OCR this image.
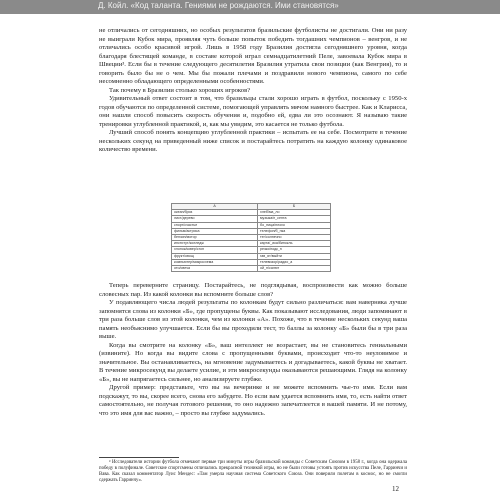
Д. Койл. «Код таланта. Гениями не рождаются. Ими становятся»

не отличались от сегодняшних, но особых результатов бразильские футболисты не достигали. Они ни разу не выиграли Кубок мира, проявляя чуть больше попыток победить тогдашних чемпионов – венгров, и не отличались особо красивой игрой. Лишь в 1958 году Бразилия достигла сегодняшнего уровня, когда благодаря блестящей команде, в составе которой играл семнадцатилетний Пеле, завоевала Кубок мира в Швеции³. Если бы в течение следующего десятилетия Бразилия утратила свои позиции (как Венгрия), то и говорить было бы не о чем. Мы бы пожали плечами и поздравили нового чемпиона, самого по себе несомненно обладающего определенными особенностями.

Так почему в Бразилии столько хороших игроков?

Удивительный ответ состоит в том, что бразильцы стали хорошо играть в футбол, поскольку с 1950-х годов обучаются по определенной системе, помогающей управлять мячом намного быстрее. Как и Кларисса, они нашли способ повысить скорость обучения и, подобно ей, едва ли это осознают. Я называю такие тренировки углубленной практикой, и, как мы увидим, это касается не только футбола.

Лучший способ понять концепцию углубленной практики – испытать ее на себе. Посмотрите в течение нескольких секунд на приведенный ниже список и постарайтесь потратить на каждую колонку одинаковое количество времени.

A	Б
океан/бриз	хлеб/ма_ло
лист/дерево	музыка/п_сента
спорт/счастье	бо_ница/плохо
фильм/актриса	телефон/б_нка
бензин/мотор	тег/солнечно
институт/колледж	карта/_ика/бинокль
хлопок/ковер/сгон	резко/подк_п
фрукт/овощ	гав_ят/выйти
компьютер/микросхема	телевизор/радио_а
ото/свеча	ой_н/салют

Теперь переверните страницу. Постарайтесь, не подглядывая, воспроизвести как можно больше словесных пар. Из какой колонки вы вспомните больше слов?

У подавляющего числа людей результаты по колонкам будут сильно различаться: вам наверняка лучше запомнятся слова из колонки «Б», где пропущены буквы. Как показывают исследования, люди запоминают в три раза больше слов из этой колонки, чем из колонки «А». Похоже, что в течение нескольких секунд ваша память необъяснимо улучшается. Если бы вы проходили тест, то баллы за колонку «Б» были бы в три раза выше.

Когда вы смотрите на колонку «Б», ваш интеллект не возрастает, вы не становитесь гениальными (извините). Но когда вы видите слова с пропущенными буквами, происходит что-то неуловимое и значительное. Вы останавливаетесь, на мгновение задумываетесь и догадываетесь, какой буквы не хватает. В течение микросекунд вы делаете усилие, и эти микросекунды оказываются решающими. Глядя на колонку «Б», вы не напрягаетесь сильнее, но анализируете глубже.

Другой пример: представьте, что вы на вечеринке и не можете вспомнить чье-то имя. Если вам подскажут, то вы, скорее всего, снова его забудете. Но если вам удается вспомнить имя, то, есть найти ответ самостоятельно, не получая готового решения, то оно надежно запечатлеется в вашей памяти. И не потому, что это имя для вас важно, – просто вы глубже задумались.

³ Исследователи истории футбола отмечают первые три минуты игры бразильской команды с Советским Союзом в 1958 г., когда она одержала победу в полуфинале. Советские спортсмены отличались прекрасной техникой игры, но не были готовы устоять против искусства Пеле, Гарринчи и Вава. Как сказал комментатор Луис Мендес: «Там умерла научная система Советского Союза. Они поверили полетам в космос, но не смогли сдержать Гарринчу».

12
